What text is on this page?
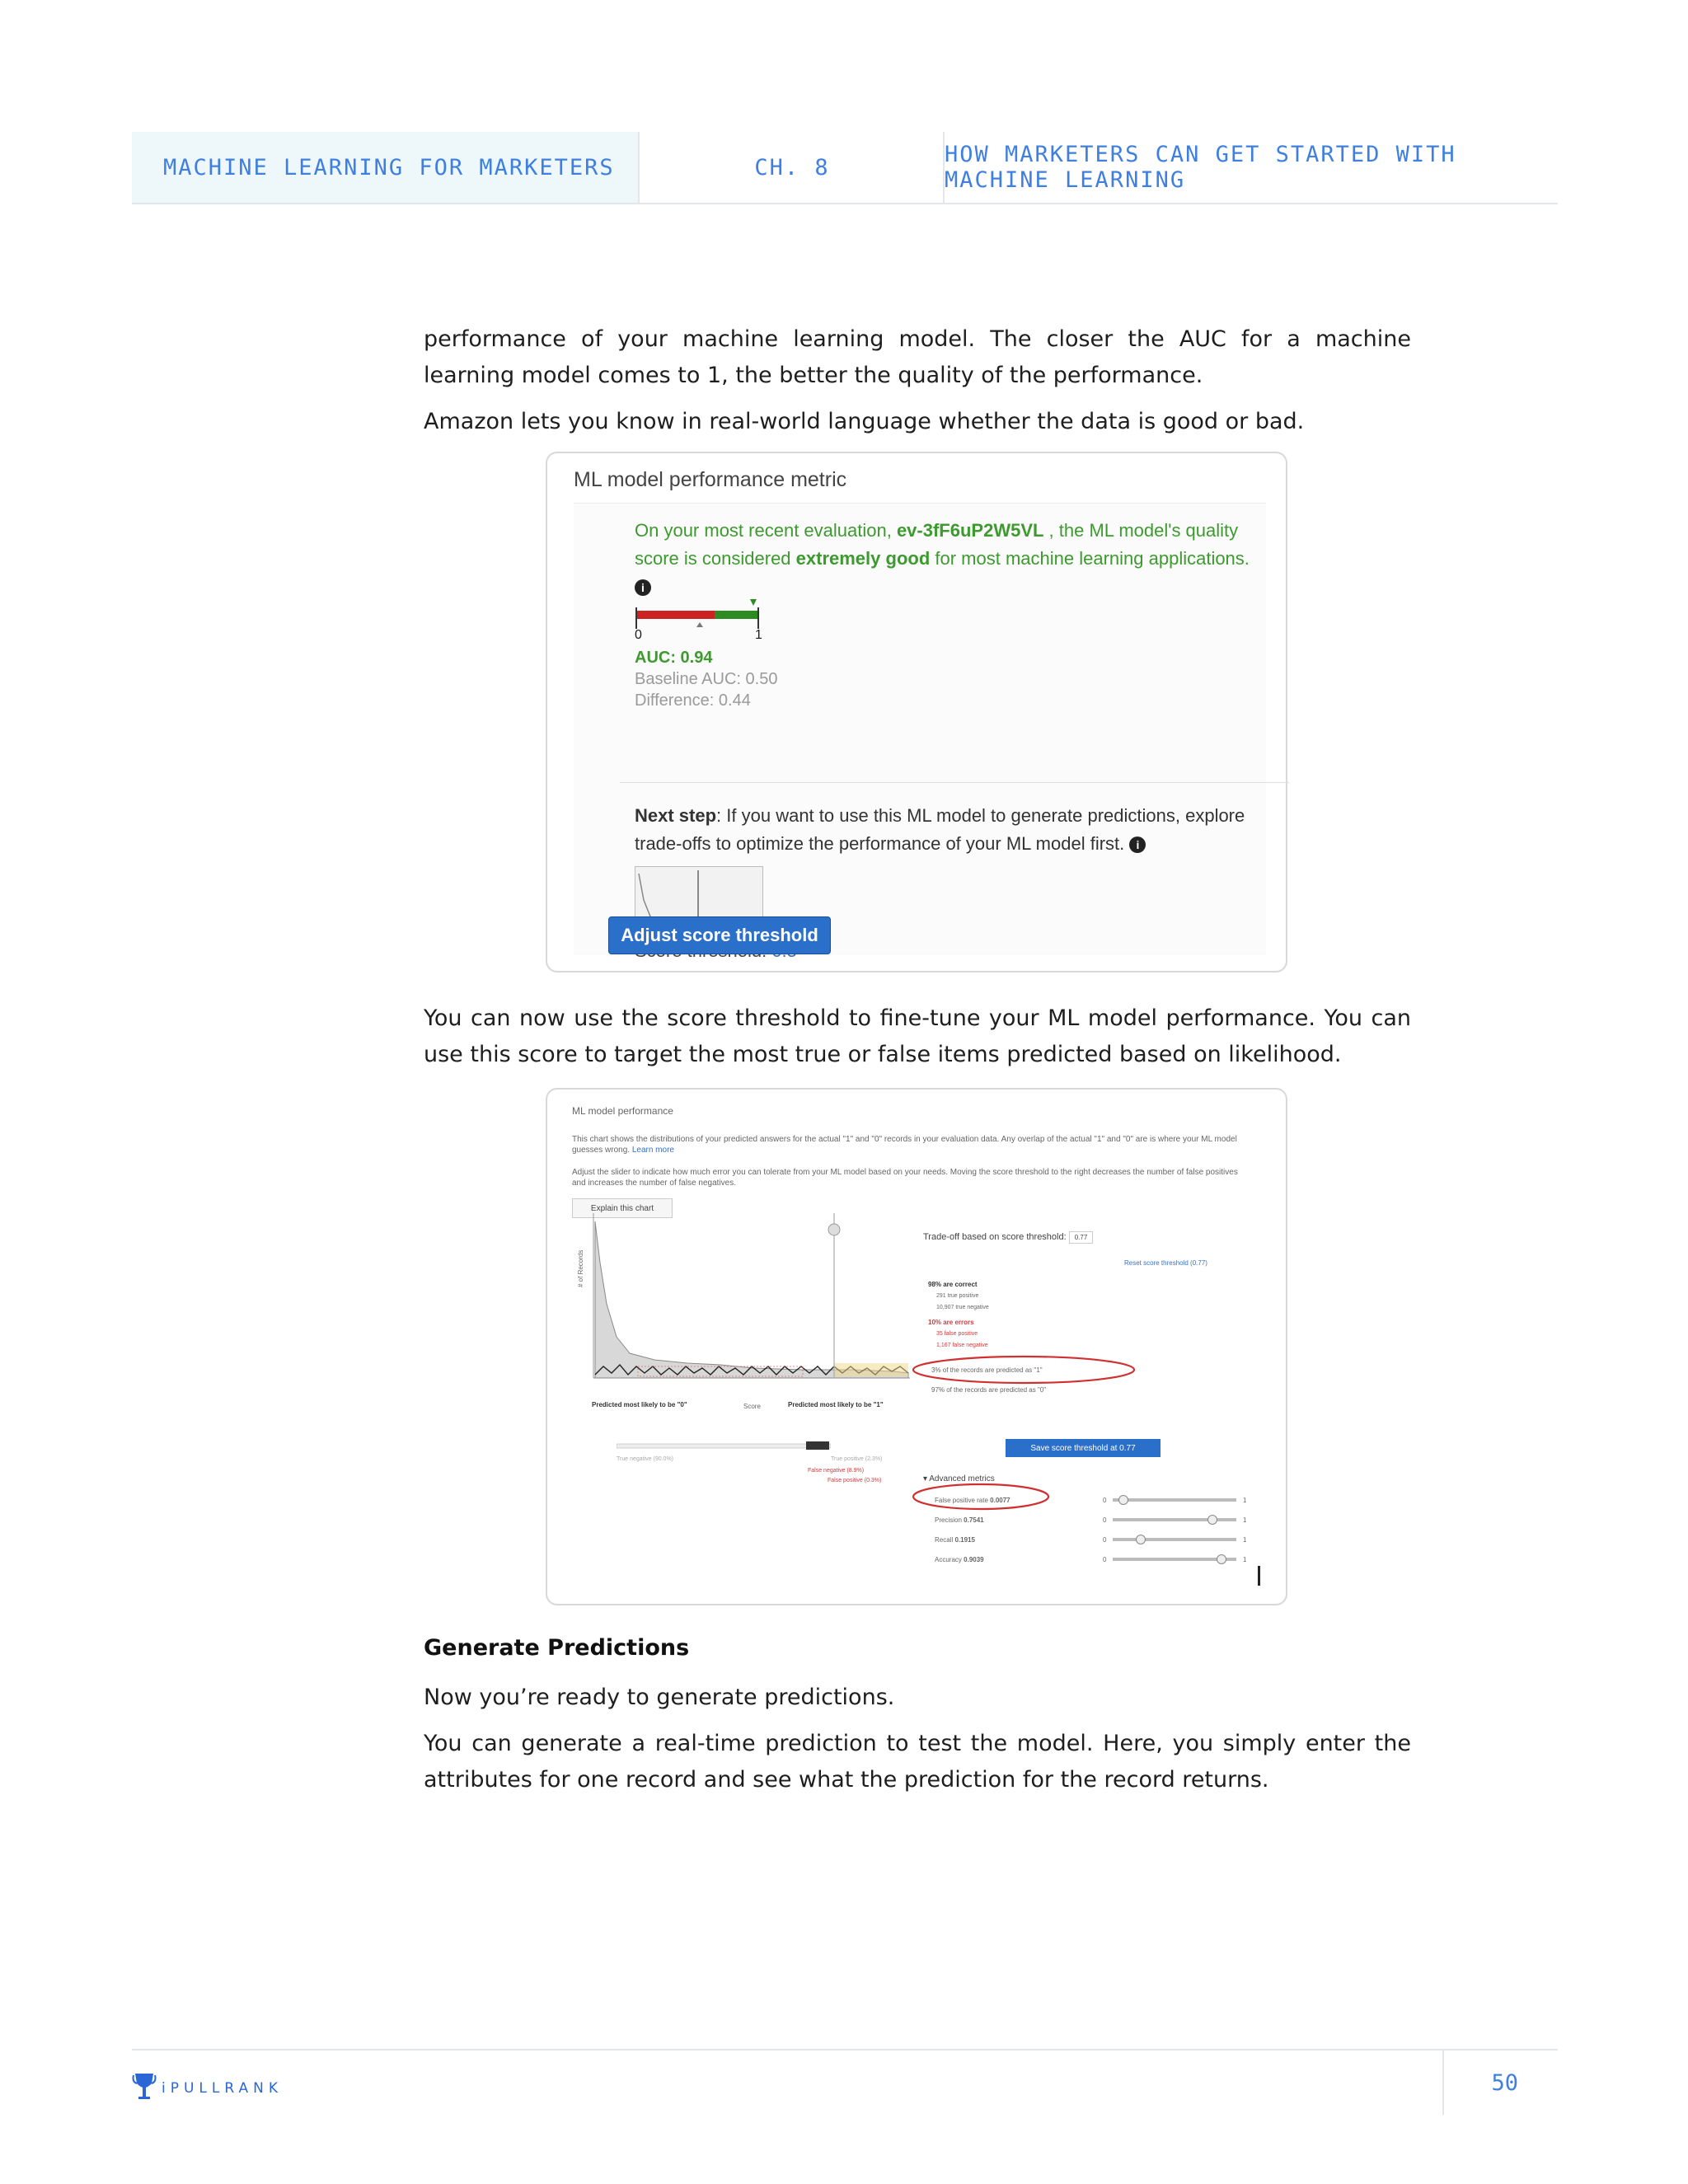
MACHINE LEARNING FOR MARKETERS	CH. 8	HOW MARKETERS CAN GET STARTED WITH MACHINE LEARNING
performance of your machine learning model. The closer the AUC for a machine learning model comes to 1, the better the quality of the performance.
Amazon lets you know in real-world language whether the data is good or bad.
ML model performance metric
On your most recent evaluation, ev-3fF6uP2W5VL , the ML model's quality score is considered extremely good for most machine learning applications. i
0	1
AUC: 0.94
Baseline AUC: 0.50
Difference: 0.44
Next step: If you want to use this ML model to generate predictions, explore trade-offs to optimize the performance of your ML model first. i
Adjust score threshold
You can now use the score threshold to fine-tune your ML model performance. You can use this score to target the most true or false items predicted based on likelihood.
ML model performance
This chart shows the distributions of your predicted answers for the actual "1" and "0" records in your evaluation data. Any overlap of the actual "1" and "0" are is where your ML model guesses wrong. Learn more
Adjust the slider to indicate how much error you can tolerate from your ML model based on your needs. Moving the score threshold to the right decreases the number of false positives and increases the number of false negatives.
Explain this chart
# of Records
Predicted most likely to be "0"	Score	Predicted most likely to be "1"
True negative (90.0%)	True positive (2.3%)
False negative (8.9%)
False positive (0.3%)
Trade-off based on score threshold: 0.77
Reset score threshold (0.77)
98% are correct
291 true positive
10,907 true negative
10% are errors
35 false positive
1,167 false negative
3% of the records are predicted as "1"
97% of the records are predicted as "0"
Save score threshold at 0.77
▾ Advanced metrics
False positive rate 0.0077	0	1
Precision 0.7541	0	1
Recall 0.1915	0	1
Accuracy 0.9039	0	1
Generate Predictions
Now you’re ready to generate predictions.
You can generate a real-time prediction to test the model. Here, you simply enter the attributes for one record and see what the prediction for the record returns.
iPULLRANK	50
